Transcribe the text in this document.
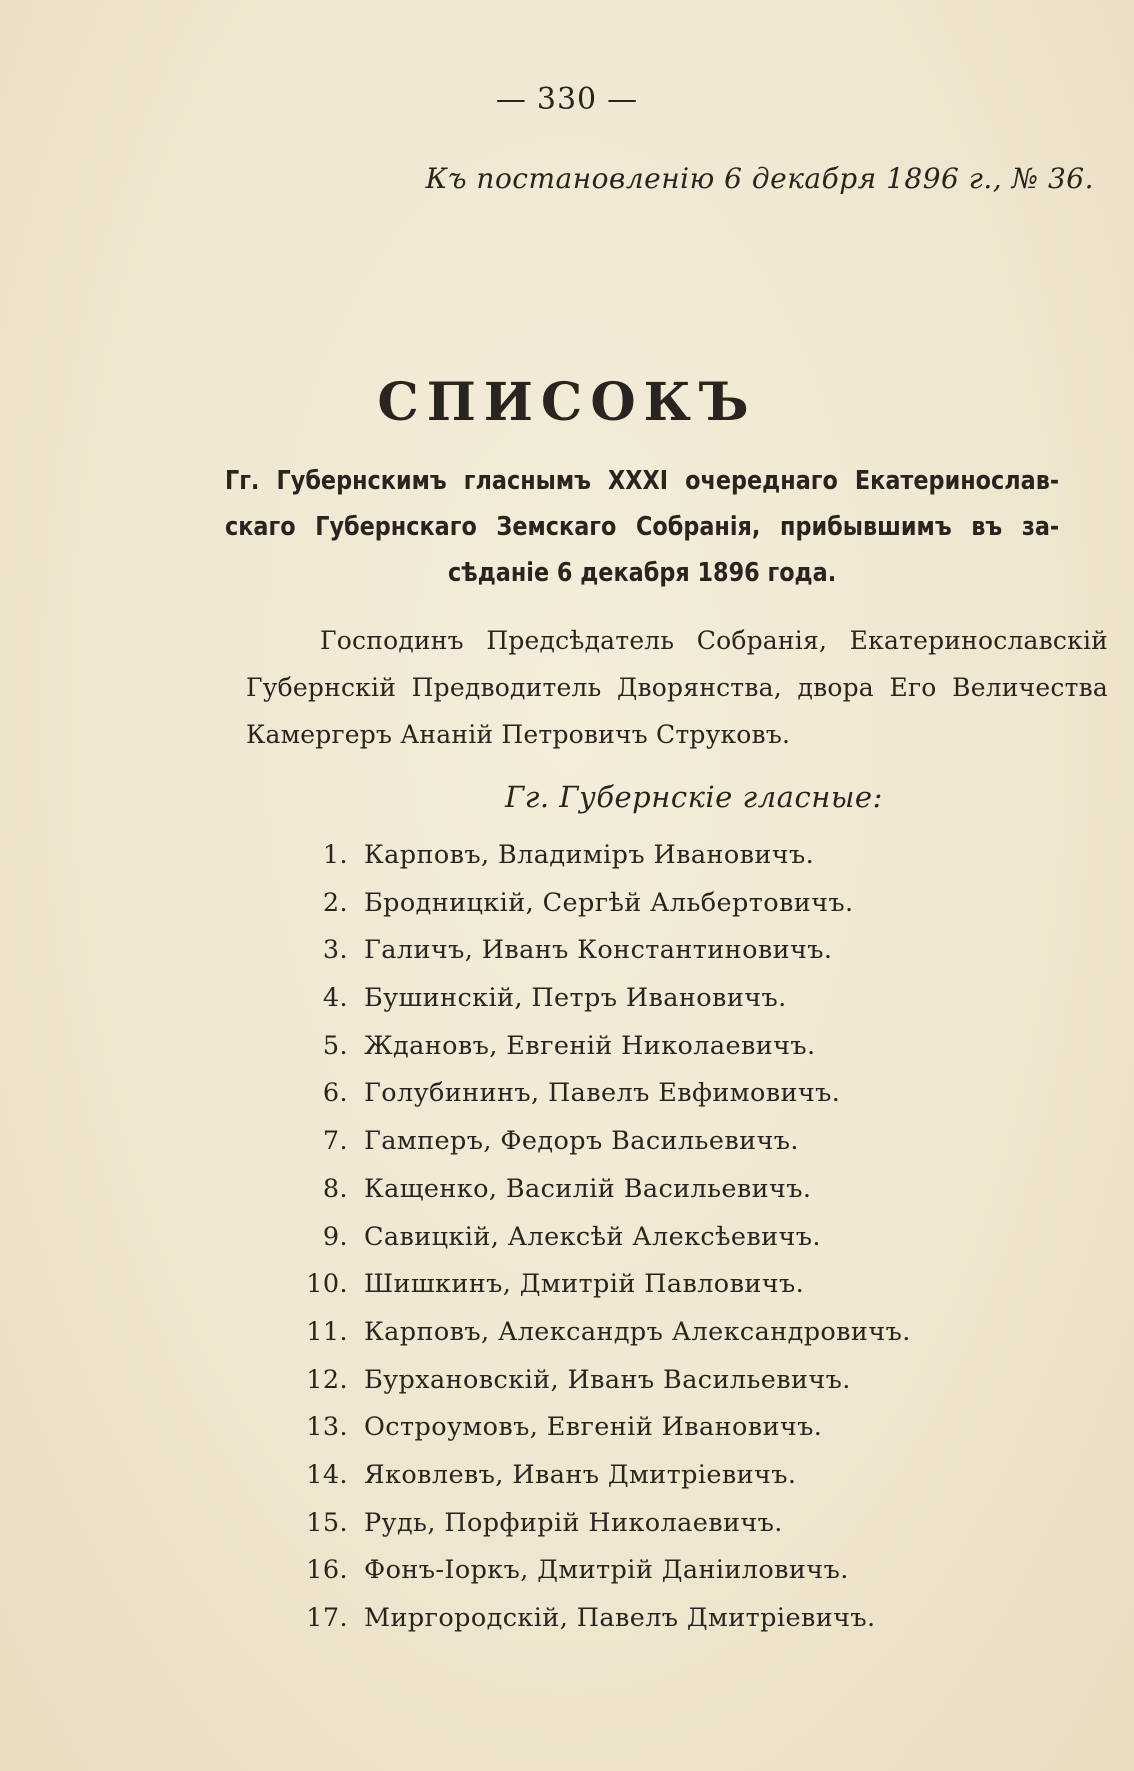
— 330 —
Къ постановленію 6 декабря 1896 г., № 36.
СПИСОКЪ
Гг. Губернскимъ гласнымъ XXXI очереднаго Екатеринославскаго Губернскаго Земскаго Собранія, прибывшимъ въ засѣданіе 6 декабря 1896 года.
Господинъ Предсѣдатель Собранія, Екатеринославскій Губернскій Предводитель Дворянства, двора Его Величества Камергеръ Ананій Петровичъ Струковъ.
Гг. Губернскіе гласные:
1. Карповъ, Владиміръ Ивановичъ.
2. Бродницкій, Сергѣй Альбертовичъ.
3. Галичъ, Иванъ Константиновичъ.
4. Бушинскій, Петръ Ивановичъ.
5. Ждановъ, Евгеній Николаевичъ.
6. Голубининъ, Павелъ Евфимовичъ.
7. Гамперъ, Федоръ Васильевичъ.
8. Кащенко, Василій Васильевичъ.
9. Савицкій, Алексѣй Алексѣевичъ.
10. Шишкинъ, Дмитрій Павловичъ.
11. Карповъ, Александръ Александровичъ.
12. Бурхановскій, Иванъ Васильевичъ.
13. Остроумовъ, Евгеній Ивановичъ.
14. Яковлевъ, Иванъ Дмитріевичъ.
15. Рудь, Порфирій Николаевичъ.
16. Фонъ-Іоркъ, Дмитрій Даніиловичъ.
17. Миргородскій, Павелъ Дмитріевичъ.
